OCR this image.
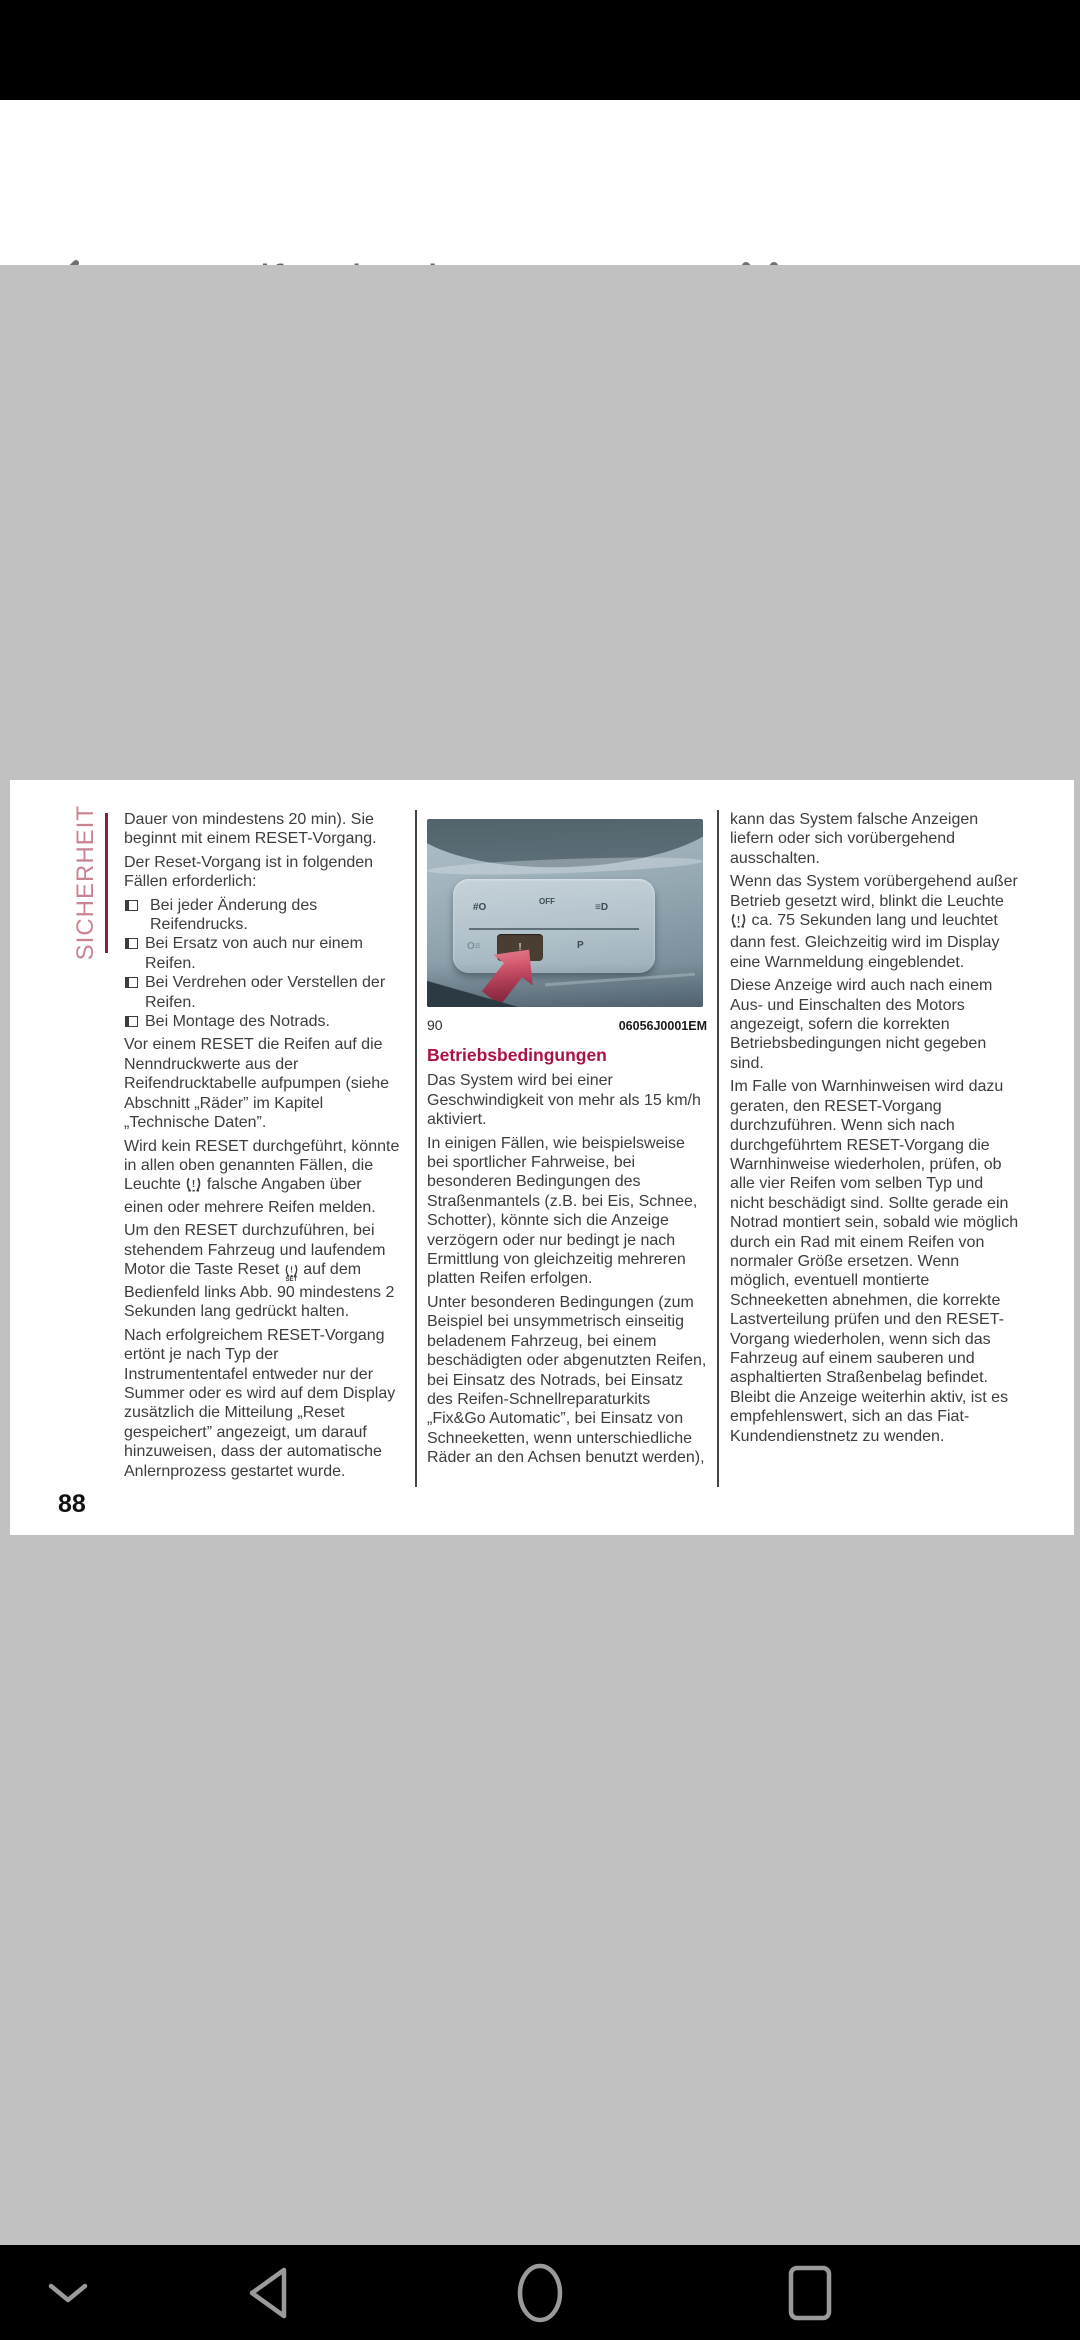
SICHERHEIT Dauer von mindestens 20 min). Sie beginnt mit einem RESET-Vorgang.

Der Reset-Vorgang ist in folgenden Fällen erforderlich:

Bei jeder Änderung des Reifendrucks.
Bei Ersatz von auch nur einem Reifen.
Bei Verdrehen oder Verstellen der Reifen.
Bei Montage des Notrads.

Vor einem RESET die Reifen auf die Nenndruckwerte aus der Reifendrucktabelle aufpumpen (siehe Abschnitt „Räder” im Kapitel „Technische Daten”.

Wird kein RESET durchgeführt, könnte in allen oben genannten Fällen, die Leuchte ! falsche Angaben über einen oder mehrere Reifen melden.

Um den RESET durchzuführen, bei stehendem Fahrzeug und laufendem Motor die Taste Reset !
SET
auf dem Bedienfeld links Abb. 90 mindestens 2 Sekunden lang gedrückt halten.

Nach erfolgreichem RESET-Vorgang ertönt je nach Typ der Instrumententafel entweder nur der Summer oder es wird auf dem Display zusätzlich die Mitteilung „Reset gespeichert” angezeigt, um darauf hinzuweisen, dass der automatische Anlernprozess gestartet wurde.

#O
OFF
≡D
O≡	!	P
90	06056J0001EM

Betriebsbedingungen

Das System wird bei einer Geschwindigkeit von mehr als 15 km/h aktiviert.

In einigen Fällen, wie beispielsweise bei sportlicher Fahrweise, bei besonderen Bedingungen des Straßenmantels (z.B. bei Eis, Schnee, Schotter), könnte sich die Anzeige verzögern oder nur bedingt je nach Ermittlung von gleichzeitig mehreren platten Reifen erfolgen.

Unter besonderen Bedingungen (zum Beispiel bei unsymmetrisch einseitig beladenem Fahrzeug, bei einem beschädigten oder abgenutzten Reifen, bei Einsatz des Notrads, bei Einsatz des Reifen-Schnellreparaturkits „Fix&Go Automatic”, bei Einsatz von Schneeketten, wenn unterschiedliche Räder an den Achsen benutzt werden),

kann das System falsche Anzeigen liefern oder sich vorübergehend ausschalten.

Wenn das System vorübergehend außer Betrieb gesetzt wird, blinkt die Leuchte
! ca. 75 Sekunden lang und leuchtet dann fest. Gleichzeitig wird im Display eine Warnmeldung eingeblendet.

Diese Anzeige wird auch nach einem Aus- und Einschalten des Motors angezeigt, sofern die korrekten Betriebsbedingungen nicht gegeben sind.

Im Falle von Warnhinweisen wird dazu geraten, den RESET-Vorgang durchzuführen. Wenn sich nach durchgeführtem RESET-Vorgang die Warnhinweise wiederholen, prüfen, ob alle vier Reifen vom selben Typ und nicht beschädigt sind. Sollte gerade ein Notrad montiert sein, sobald wie möglich durch ein Rad mit einem Reifen von normaler Größe ersetzen. Wenn möglich, eventuell montierte Schneeketten abnehmen, die korrekte Lastverteilung prüfen und den RESET-Vorgang wiederholen, wenn sich das Fahrzeug auf einem sauberen und asphaltierten Straßenbelag befindet. Bleibt die Anzeige weiterhin aktiv, ist es empfehlenswert, sich an das Fiat-Kundendienstnetz zu wenden.

88
